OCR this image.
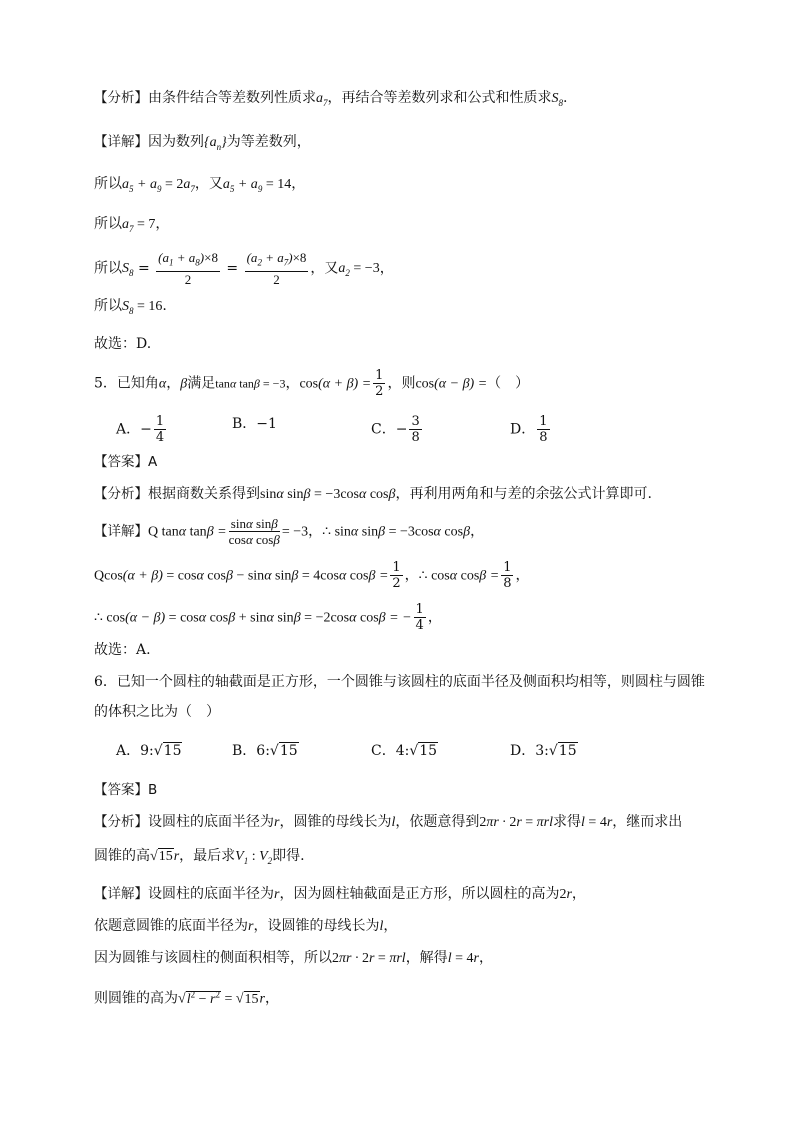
【分析】由条件结合等差数列性质求$a_7$，再结合等差数列求和公式和性质求$S_8$.
【详解】因为数列$\{a_n\}$为等差数列，
所以$a_5 + a_9 = 2a_7$，又$a_5 + a_9 = 14$，
所以$a_7 = 7$，
所以$S_8 = \frac{(a_1 + a_8)\times 8}{2} = \frac{(a_2 + a_7)\times 8}{2}$ ，又$a_2 = -3$，
所以$S_8 = 16$.
故选：D.
5．已知角α，β满足tanα tanβ = −3，$\cos(\alpha + \beta) = \frac{1}{2}$ ，则cos(α − β) =（　）
A．− $\frac{1}{4}$	B．−1	C．− $\frac{3}{8}$	D． $\frac{1}{8}$
【答案】A
【分析】根据商数关系得到sinα sinβ = −3cosα cosβ，再利用两角和与差的余弦公式计算即可.
【详解】Q tanα $\tan\beta = \frac{\text{sinα sinβ}}{\text{cosα cosβ}} = -3$，∴ sinα sinβ = −3cosα cosβ，
Qcos(α + β) = cosα cosβ − sinα sinβ = 4cosα $\cos\beta = \frac{1}{2}$ ，∴ cosα $\cos\beta = \frac{1}{8}$ ，
∴ cos(α − β) = cosα cosβ + sinα sinβ = −2cosα cosβ = − $\frac{1}{4}$ ，
故选：A.
6．已知一个圆柱的轴截面是正方形，一个圆锥与该圆柱的底面半径及侧面积均相等，则圆柱与圆锥
的体积之比为（　）
A．9:√15	B．6:√15	C．4:√15	D．3:√15
【答案】B
【分析】设圆柱的底面半径为r，圆锥的母线长为l，依题意得到2πr · 2r = πrl求得l = 4r，继而求出
圆锥的高√15r，最后求$V_1$ : $V_2$即得.
【详解】设圆柱的底面半径为r，因为圆柱轴截面是正方形，所以圆柱的高为2r，
依题意圆锥的底面半径为r，设圆锥的母线长为l，
因为圆锥与该圆柱的侧面积相等，所以2πr · 2r = πrl，解得l = 4r，
则圆锥的高为$√l^2 - r^2 = √15r$，
